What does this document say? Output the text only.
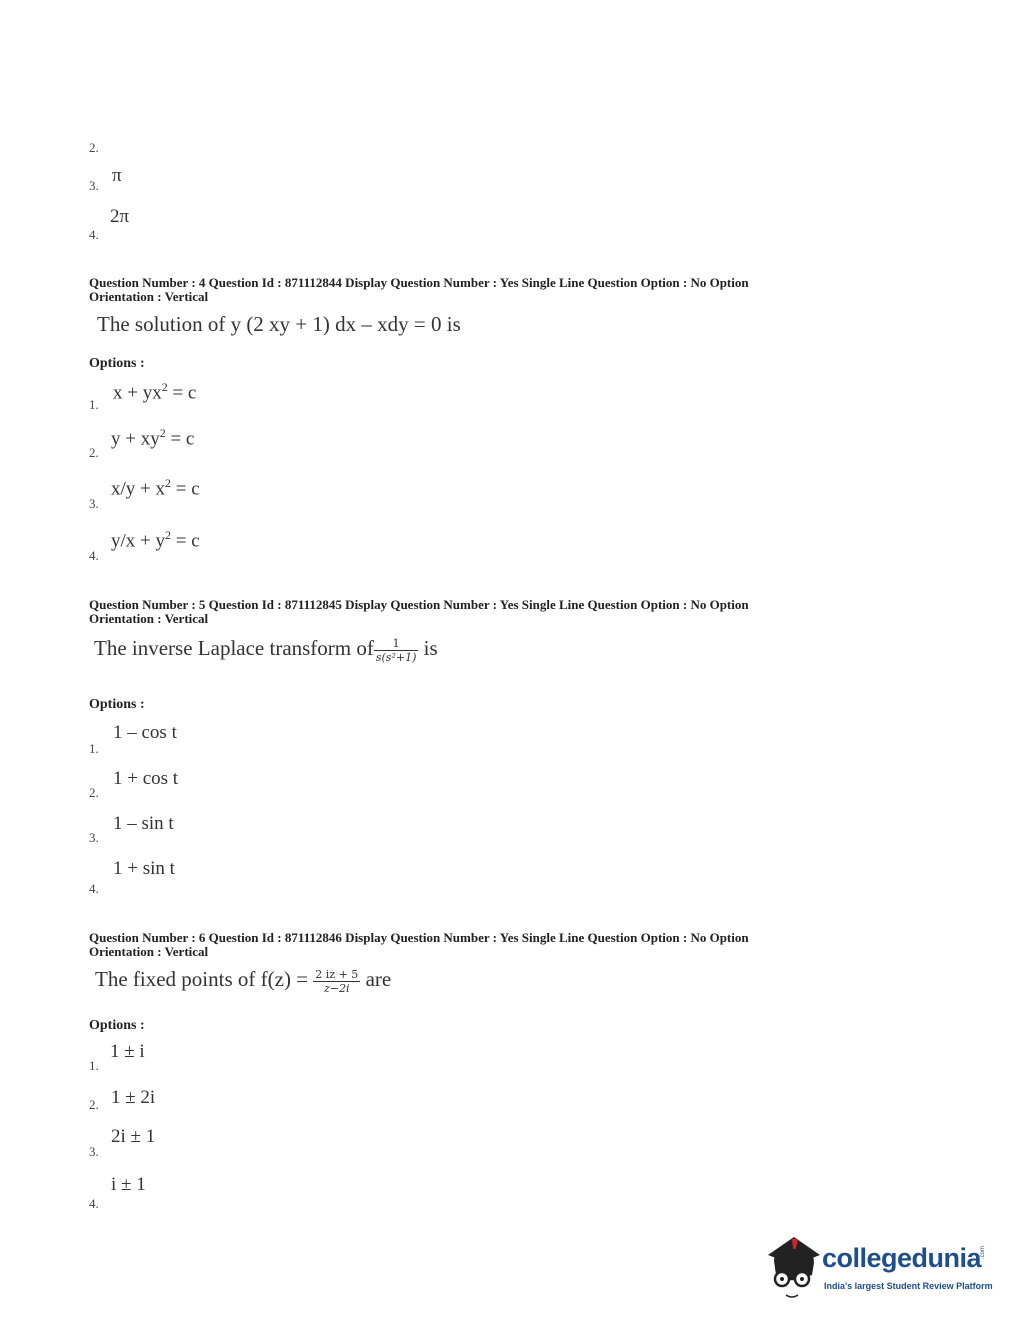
2.
π
3.
2π
4.
Question Number : 4 Question Id : 871112844 Display Question Number : Yes Single Line Question Option : No Option
Orientation : Vertical
The solution of y (2 xy + 1) dx – xdy = 0 is
Options :
$x + yx^2 = c$
1.
$y + xy^2 = c$
2.
$x/y + x^2 = c$
3.
$y/x + y^2 = c$
4.
Question Number : 5 Question Id : 871112845 Display Question Number : Yes Single Line Question Option : No Option
Orientation : Vertical
The inverse Laplace transform of $\frac{1}{\text{s(s²+1)}}$ is
Options :
1 – cos t
1.
1 + cos t
2.
1 – sin t
3.
1 + sin t
4.
Question Number : 6 Question Id : 871112846 Display Question Number : Yes Single Line Question Option : No Option
Orientation : Vertical
The fixed points of $f(z) = \frac{2 iz + 5}{z-2i}$ are
Options :
1 ± i
1.
1 ± 2i
2.
2i ± 1
3.
i ± 1
4.
collegedunia
.com
India's largest Student Review Platform
